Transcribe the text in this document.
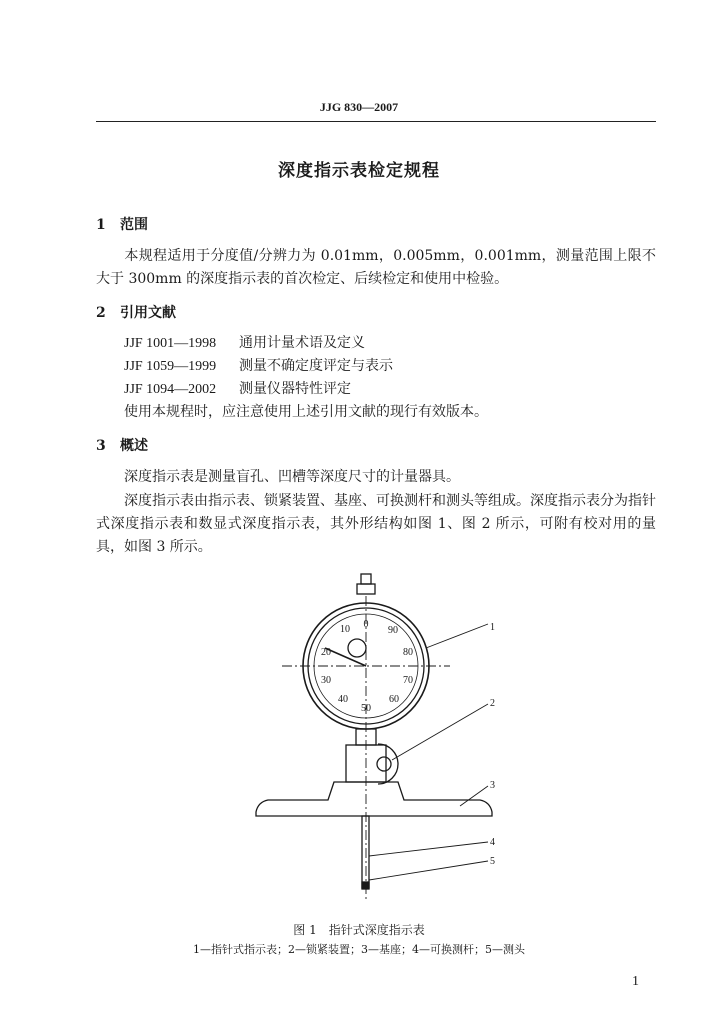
JJG 830—2007
深度指示表检定规程
1 范围
本规程适用于分度值/分辨力为 0.01mm，0.005mm，0.001mm，测量范围上限不大于 300mm 的深度指示表的首次检定、后续检定和使用中检验。
2 引用文献
JJF 1001—1998 通用计量术语及定义
JJF 1059—1999 测量不确定度评定与表示
JJF 1094—2002 测量仪器特性评定
使用本规程时，应注意使用上述引用文献的现行有效版本。
3 概述
深度指示表是测量盲孔、凹槽等深度尺寸的计量器具。
深度指示表由指示表、锁紧装置、基座、可换测杆和测头等组成。深度指示表分为指针式深度指示表和数显式深度指示表，其外形结构如图 1、图 2 所示，可附有校对用的量具，如图 3 所示。
0
10
20
30
40
50
60
70
80
90	1
2
3
4
5
图 1　指针式深度指示表
1—指针式指示表；2—锁紧装置；3—基座；4—可换测杆；5—测头
1
